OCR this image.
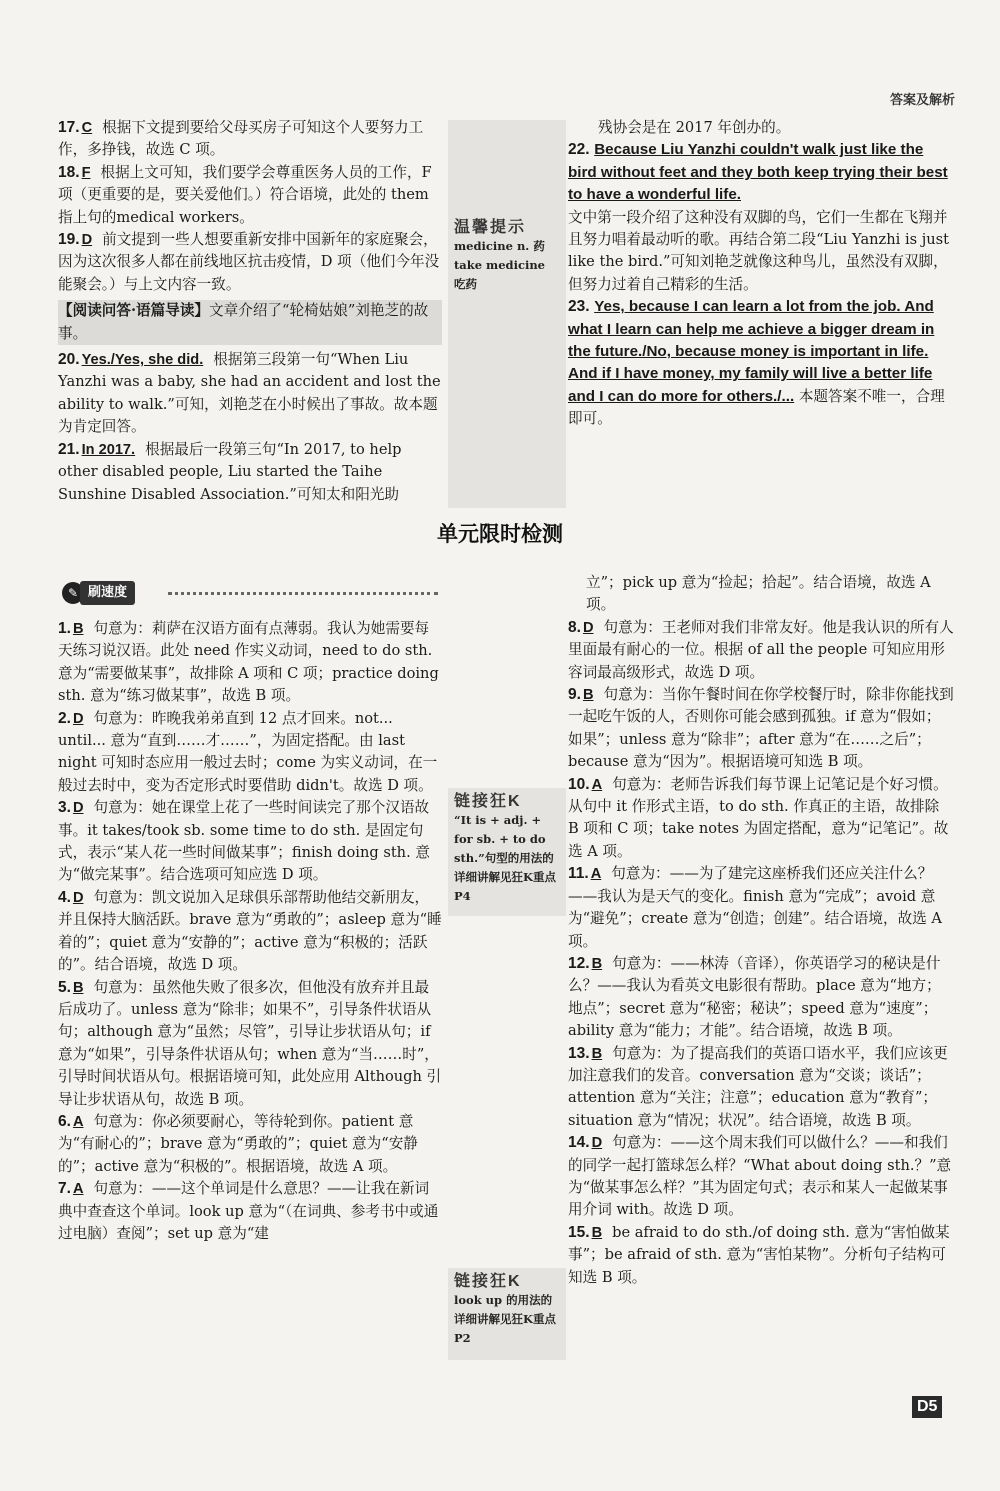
答案及解析

17. C 根据下文提到要给父母买房子可知这个人要努力工作，多挣钱，故选 C 项。

18. F 根据上文可知，我们要学会尊重医务人员的工作，F 项（更重要的是，要关爱他们。）符合语境，此处的 them 指上句的medical workers。

19. D 前文提到一些人想要重新安排中国新年的家庭聚会，因为这次很多人都在前线地区抗击疫情，D 项（他们今年没能聚会。）与上文内容一致。

【阅读问答·语篇导读】文章介绍了“轮椅姑娘”刘艳芝的故事。

20. Yes./Yes, she did. 根据第三段第一句“When Liu Yanzhi was a baby, she had an accident and lost the ability to walk.”可知，刘艳芝在小时候出了事故。故本题为肯定回答。

21. In 2017. 根据最后一段第三句“In 2017, to help other disabled people, Liu started the Taihe Sunshine Disabled Association.”可知太和阳光助

温馨提示
medicine n. 药
take medicine 吃药

残协会是在 2017 年创办的。

22. Because Liu Yanzhi couldn't walk just like the bird without feet and they both keep trying their best to have a wonderful life.
文中第一段介绍了这种没有双脚的鸟，它们一生都在飞翔并且努力唱着最动听的歌。再结合第二段“Liu Yanzhi is just like the bird.”可知刘艳芝就像这种鸟儿，虽然没有双脚，但努力过着自己精彩的生活。

23. Yes, because I can learn a lot from the job. And what I learn can help me achieve a bigger dream in the future./No, because money is important in life. And if I have money, my family will live a better life and I can do more for others./... 本题答案不唯一，合理即可。

单元限时检测
✎ 刷速度

1. B 句意为：莉萨在汉语方面有点薄弱。我认为她需要每天练习说汉语。此处 need 作实义动词，need to do sth. 意为“需要做某事”，故排除 A 项和 C 项；practice doing sth. 意为“练习做某事”，故选 B 项。

2. D 句意为：昨晚我弟弟直到 12 点才回来。not... until... 意为“直到……才……”，为固定搭配。由 last night 可知时态应用一般过去时；come 为实义动词，在一般过去时中，变为否定形式时要借助 didn't。故选 D 项。

3. D 句意为：她在课堂上花了一些时间读完了那个汉语故事。it takes/took sb. some time to do sth. 是固定句式，表示“某人花一些时间做某事”；finish doing sth. 意为“做完某事”。结合选项可知应选 D 项。

4. D 句意为：凯文说加入足球俱乐部帮助他结交新朋友，并且保持大脑活跃。brave 意为“勇敢的”；asleep 意为“睡着的”；quiet 意为“安静的”；active 意为“积极的；活跃的”。结合语境，故选 D 项。

5. B 句意为：虽然他失败了很多次，但他没有放弃并且最后成功了。unless 意为“除非；如果不”，引导条件状语从句；although 意为“虽然；尽管”，引导让步状语从句；if 意为“如果”，引导条件状语从句；when 意为“当……时”，引导时间状语从句。根据语境可知，此处应用 Although 引导让步状语从句，故选 B 项。

6. A 句意为：你必须要耐心，等待轮到你。patient 意为“有耐心的”；brave 意为“勇敢的”；quiet 意为“安静的”；active 意为“积极的”。根据语境，故选 A 项。

7. A 句意为：——这个单词是什么意思？——让我在新词典中查查这个单词。look up 意为“（在词典、参考书中或通过电脑）查阅”；set up 意为“建

链接狂K
“It is + adj. + for sb. + to do sth.”句型的用法的详细讲解见狂K重点 P4
链接狂K
look up 的用法的详细讲解见狂K重点 P2

立”；pick up 意为“捡起；拾起”。结合语境，故选 A 项。

8. D 句意为：王老师对我们非常友好。他是我认识的所有人里面最有耐心的一位。根据 of all the people 可知应用形容词最高级形式，故选 D 项。

9. B 句意为：当你午餐时间在你学校餐厅时，除非你能找到一起吃午饭的人，否则你可能会感到孤独。if 意为“假如；如果”；unless 意为“除非”；after 意为“在……之后”；because 意为“因为”。根据语境可知选 B 项。

10. A 句意为：老师告诉我们每节课上记笔记是个好习惯。从句中 it 作形式主语，to do sth. 作真正的主语，故排除 B 项和 C 项；take notes 为固定搭配，意为“记笔记”。故选 A 项。

11. A 句意为：——为了建完这座桥我们还应关注什么？——我认为是天气的变化。finish 意为“完成”；avoid 意为“避免”；create 意为“创造；创建”。结合语境，故选 A 项。

12. B 句意为：——林涛（音译），你英语学习的秘诀是什么？——我认为看英文电影很有帮助。place 意为“地方；地点”；secret 意为“秘密；秘诀”；speed 意为“速度”；ability 意为“能力；才能”。结合语境，故选 B 项。

13. B 句意为：为了提高我们的英语口语水平，我们应该更加注意我们的发音。conversation 意为“交谈；谈话”；attention 意为“关注；注意”；education 意为“教育”；situation 意为“情况；状况”。结合语境，故选 B 项。

14. D 句意为：——这个周末我们可以做什么？——和我们的同学一起打篮球怎么样？“What about doing sth.？”意为“做某事怎么样？”其为固定句式；表示和某人一起做某事用介词 with。故选 D 项。

15. B be afraid to do sth./of doing sth. 意为“害怕做某事”；be afraid of sth. 意为“害怕某物”。分析句子结构可知选 B 项。

D5
